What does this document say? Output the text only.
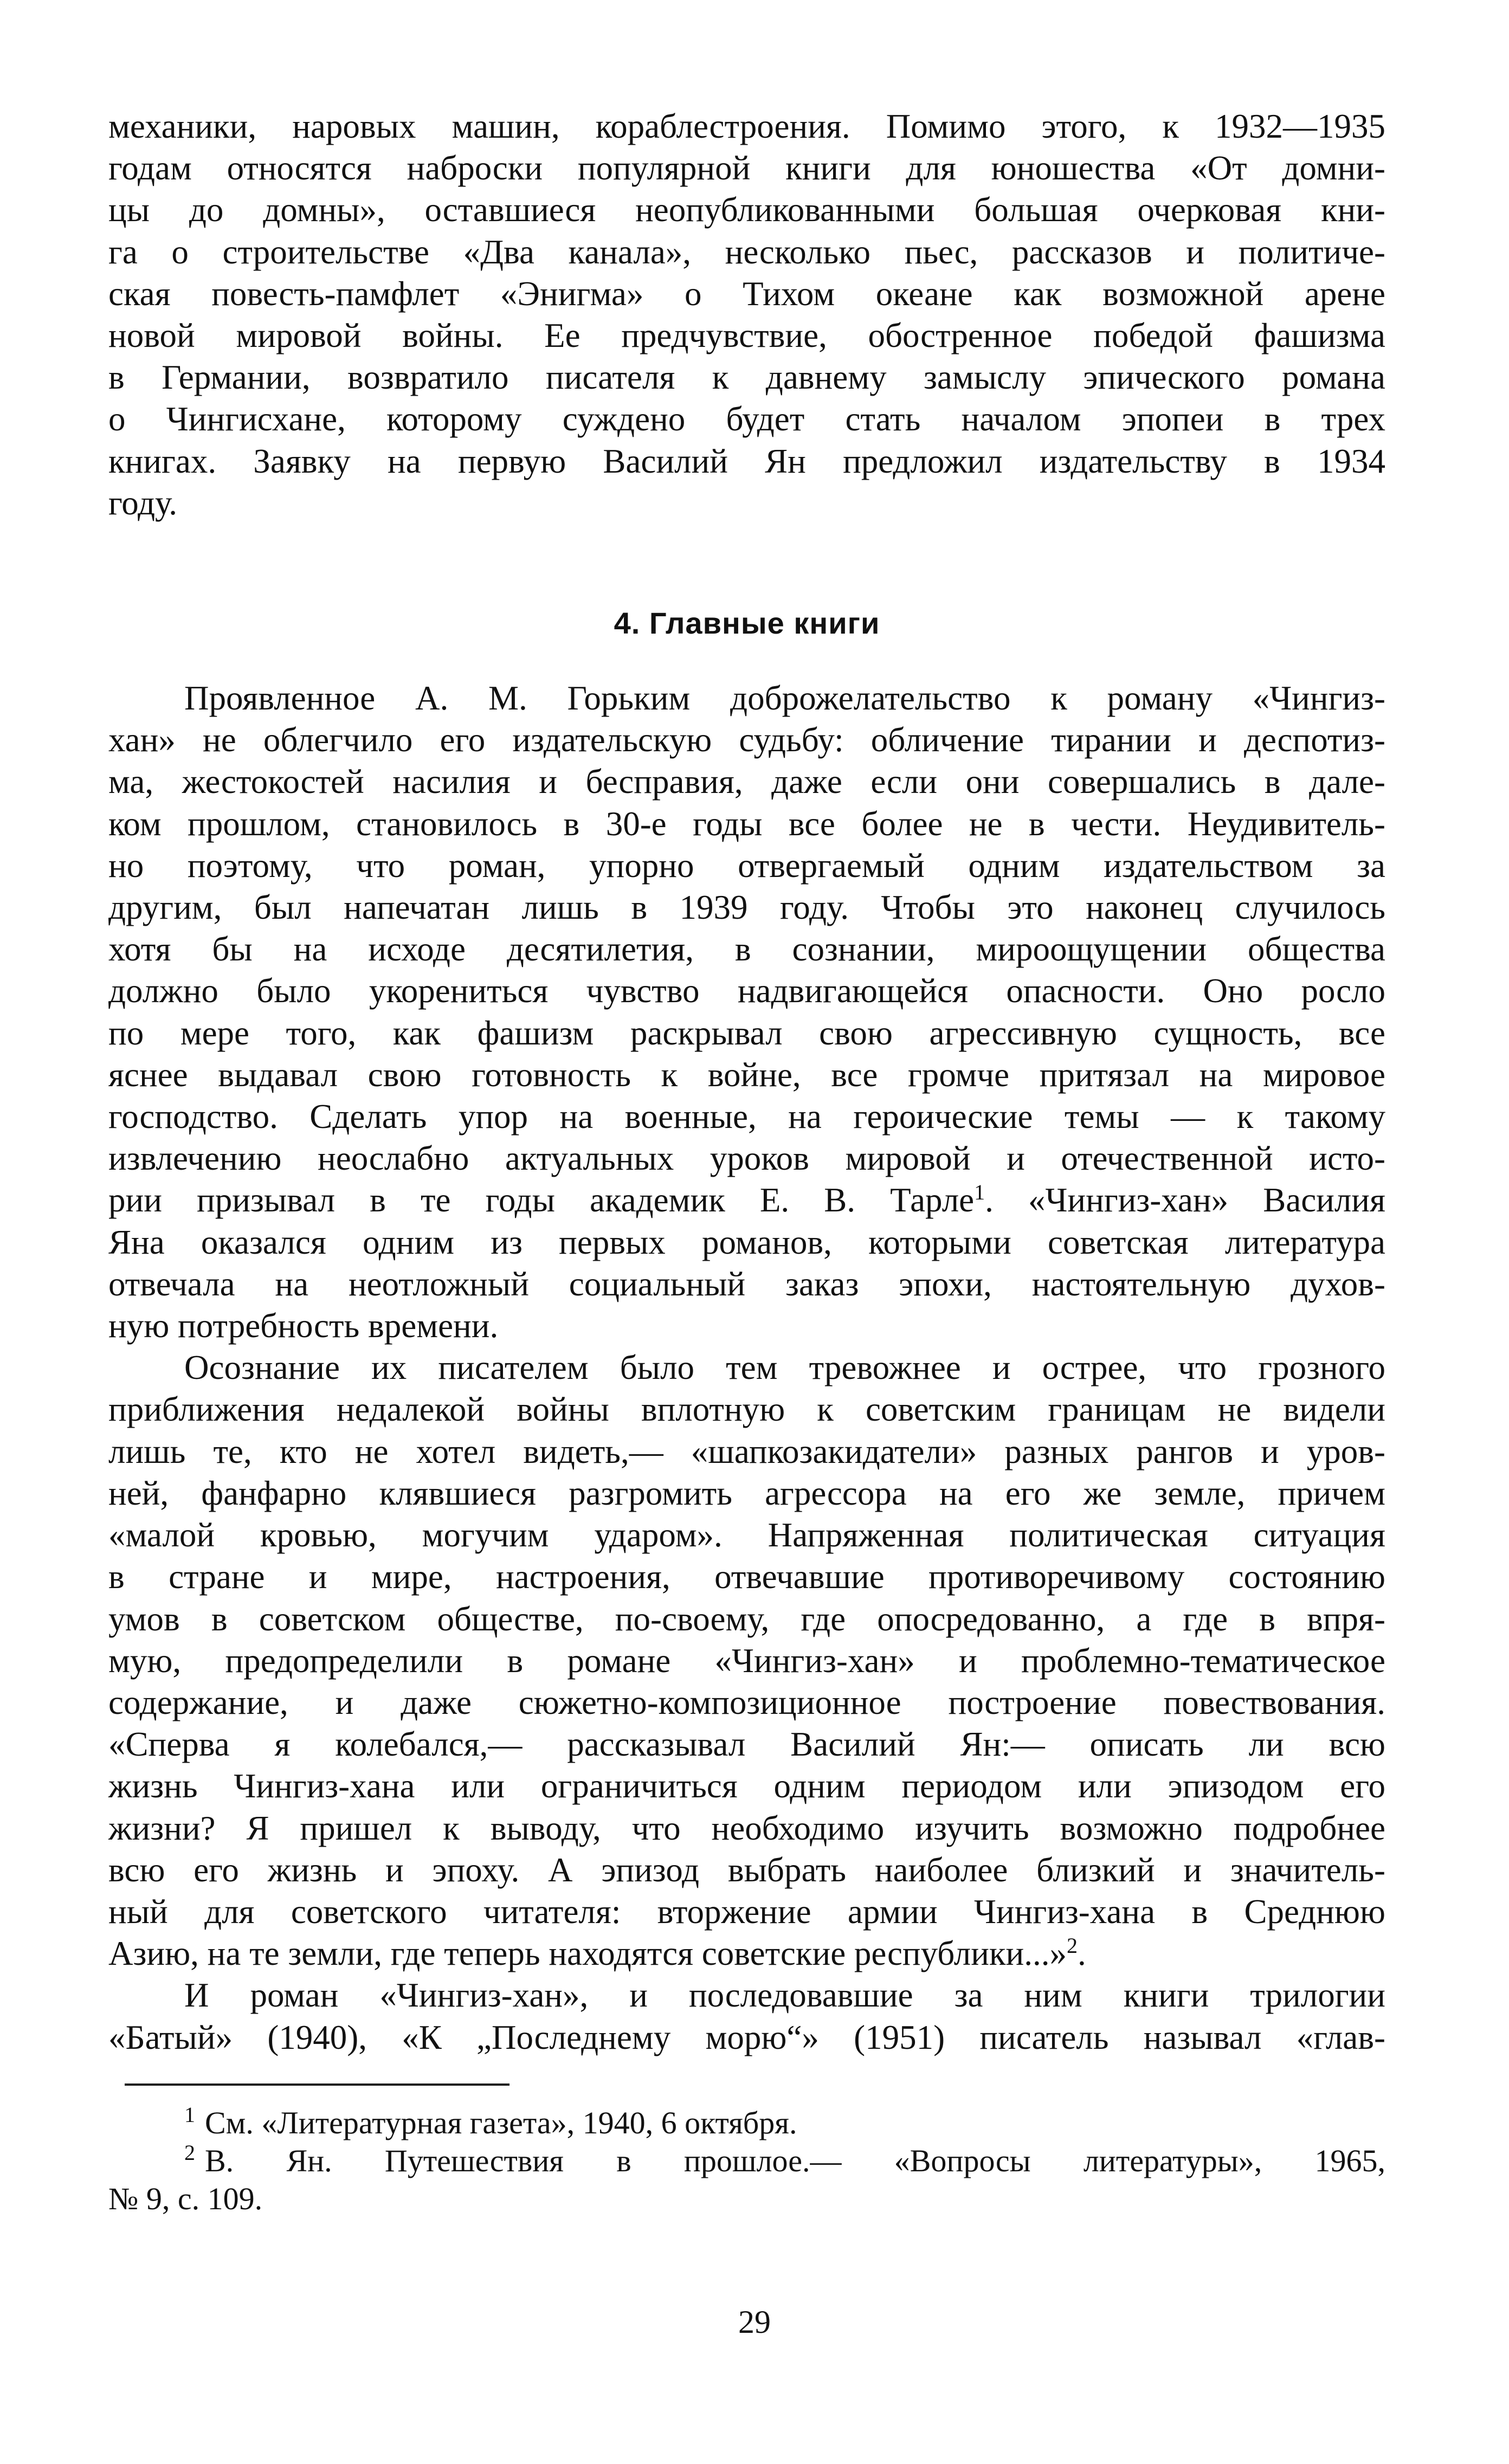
механики, наровых машин, кораблестроения. Помимо этого, к 1932—1935
годам относятся наброски популярной книги для юношества «От домни-
цы до домны», оставшиеся неопубликованными большая очерковая кни-
га о строительстве «Два канала», несколько пьес, рассказов и политиче-
ская повесть-памфлет «Энигма» о Тихом океане как возможной арене
новой мировой войны. Ее предчувствие, обостренное победой фашизма
в Германии, возвратило писателя к давнему замыслу эпического романа
о Чингисхане, которому суждено будет стать началом эпопеи в трех
книгах. Заявку на первую Василий Ян предложил издательству в 1934
году.
4. Главные книги
Проявленное А. М. Горьким доброжелательство к роману «Чингиз-
хан» не облегчило его издательскую судьбу: обличение тирании и деспотиз-
ма, жестокостей насилия и бесправия, даже если они совершались в дале-
ком прошлом, становилось в 30-е годы все более не в чести. Неудивитель-
но поэтому, что роман, упорно отвергаемый одним издательством за
другим, был напечатан лишь в 1939 году. Чтобы это наконец случилось
хотя бы на исходе десятилетия, в сознании, мироощущении общества
должно было укорениться чувство надвигающейся опасности. Оно росло
по мере того, как фашизм раскрывал свою агрессивную сущность, все
яснее выдавал свою готовность к войне, все громче притязал на мировое
господство. Сделать упор на военные, на героические темы — к такому
извлечению неослабно актуальных уроков мировой и отечественной исто-
рии призывал в те годы академик Е. В. Тарле$^1$. «Чингиз-хан» Василия
Яна оказался одним из первых романов, которыми советская литература
отвечала на неотложный социальный заказ эпохи, настоятельную духов-
ную потребность времени.
Осознание их писателем было тем тревожнее и острее, что грозного
приближения недалекой войны вплотную к советским границам не видели
лишь те, кто не хотел видеть,— «шапкозакидатели» разных рангов и уров-
ней, фанфарно клявшиеся разгромить агрессора на его же земле, причем
«малой кровью, могучим ударом». Напряженная политическая ситуация
в стране и мире, настроения, отвечавшие противоречивому состоянию
умов в советском обществе, по-своему, где опосредованно, а где в впря-
мую, предопределили в романе «Чингиз-хан» и проблемно-тематическое
содержание, и даже сюжетно-композиционное построение повествования.
«Сперва я колебался,— рассказывал Василий Ян:— описать ли всю
жизнь Чингиз-хана или ограничиться одним периодом или эпизодом его
жизни? Я пришел к выводу, что необходимо изучить возможно подробнее
всю его жизнь и эпоху. А эпизод выбрать наиболее близкий и значитель-
ный для советского читателя: вторжение армии Чингиз-хана в Среднюю
Азию, на те земли, где теперь находятся советские республики...»$^2$.
И роман «Чингиз-хан», и последовавшие за ним книги трилогии
«Батый» (1940), «К „Последнему морю“» (1951) писатель называл «глав-
$^1$ См. «Литературная газета», 1940, 6 октября.
$^2$ В. Ян. Путешествия в прошлое.— «Вопросы литературы», 1965,
№ 9, с. 109.
29
